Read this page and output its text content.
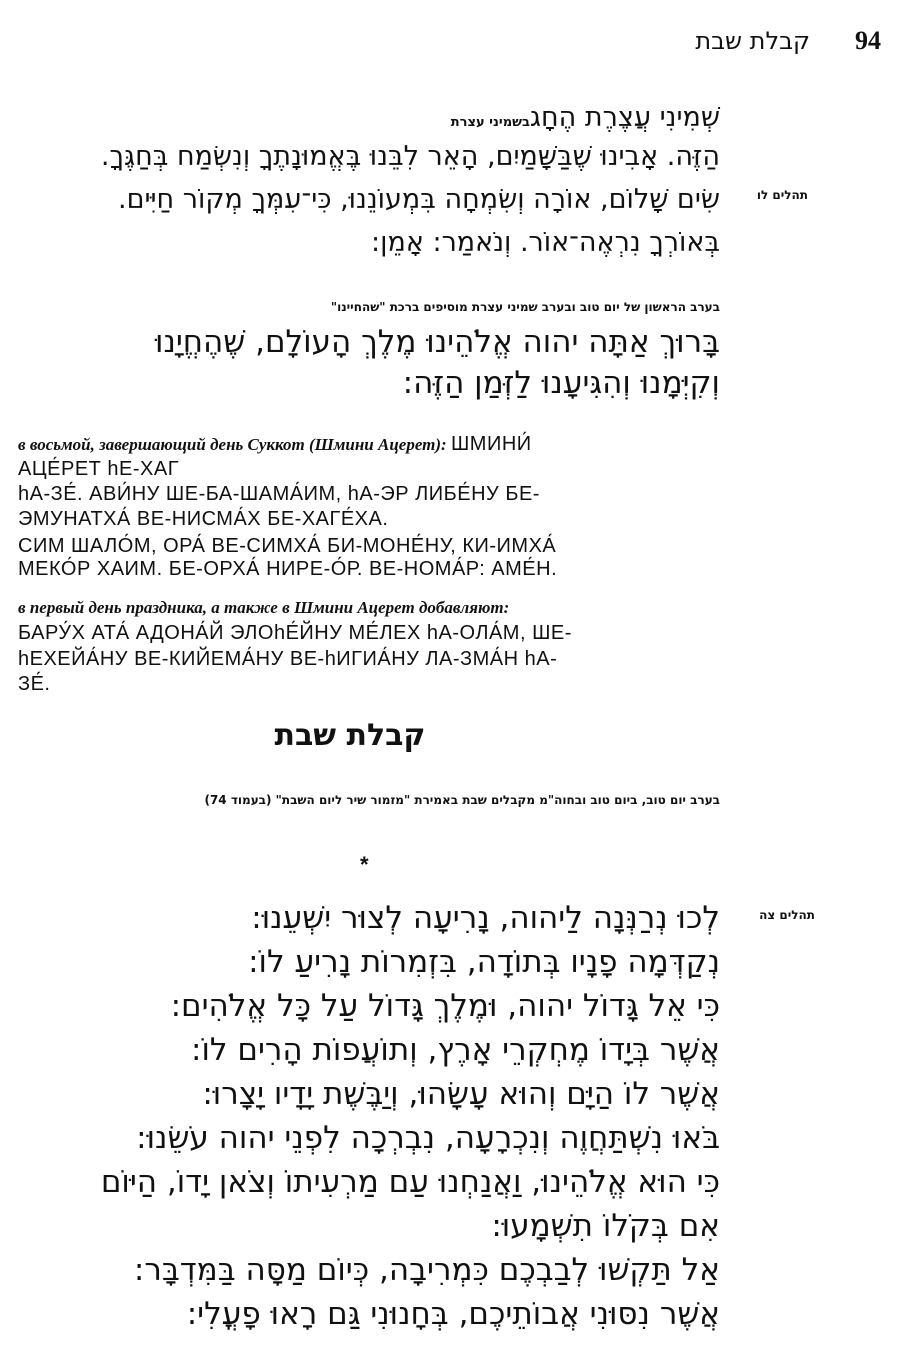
94
קבלת שבת
שְׁמִינִי עֲצֶרֶת הֶחָגבשמיני עצרת
הַזֶּה. אָבִינוּ שֶׁבַּשָּׁמַיִם, הָאֵר לִבֵּנוּ בֶּאֱמוּנָתֶךָ וְנִשְׂמַח בְּחַגֶּךָ.
תהלים לו
שִׂים שָׁלוֹם, אוֹרָה וְשִׂמְחָה בִּמְעוֹנֵנוּ, כִּי־עִמְּךָ מְקוֹר חַיִּים.
בְּאוֹרְךָ נִרְאֶה־אוֹר. וְנֹאמַר: אָמֵן:
בערב הראשון של יום טוב ובערב שמיני עצרת מוסיפים ברכת "שהחיינו"
בָּרוּךְ אַתָּה יהוה אֱלֹהֵינוּ מֶלֶךְ הָעוֹלָם, שֶׁהֶחֱיָנוּ
וְקִיְּמָנוּ וְהִגִּיעָנוּ לַזְּמַן הַזֶּה:
в восьмой, завершающий день Суккот (Шмини Ацерет): ШМИНИ́
АЦЕ́РЕТ hЕ-ХАГ
hА-ЗЕ́. АВИ́НУ ШЕ-БА-ШАМА́ИМ, hА-ЭР ЛИБЕ́НУ БЕ-
ЭМУНАТХА́ ВЕ-НИСМА́Х БЕ-ХАГЕ́ХА.
СИМ ШАЛО́М, ОРА́ ВЕ-СИМХА́ БИ-МОНЕ́НУ, КИ-ИМХА́
МЕКО́Р ХАИМ. БЕ-ОРХА́ НИРЕ-О́Р. ВЕ-НОМА́Р: АМЕ́Н.
в первый день праздника, а также в Шмини Ацерет добавляют:
БАРУ́Х АТА́ АДОНА́Й ЭЛОhЕ́ЙНУ МЕ́ЛЕХ hА-ОЛА́М, ШЕ-
hЕХЕЙА́НУ ВЕ-КИЙЕМА́НУ ВЕ-hИГИА́НУ ЛА-ЗМА́Н hА-
ЗЕ́.
קבלת שבת
בערב יום טוב, ביום טוב ובחוה"מ מקבלים שבת באמירת "מזמור שיר ליום השבת" (בעמוד 74)
*
תהלים צה
לְכוּ נְרַנְּנָה לַיהוה, נָרִיעָה לְצוּר יִשְׁעֵנוּ:
נְקַדְּמָה פָנָיו בְּתוֹדָה, בִּזְמִרוֹת נָרִיעַ לוֹ:
כִּי אֵל גָּדוֹל יהוה, וּמֶלֶךְ גָּדוֹל עַל כָּל אֱלֹהִים:
אֲשֶׁר בְּיָדוֹ מֶחְקְרֵי אָרֶץ, וְתוֹעֲפוֹת הָרִים לוֹ:
אֲשֶׁר לוֹ הַיָּם וְהוּא עָשָׂהוּ, וְיַבֶּשֶׁת יָדָיו יָצָרוּ:
בֹּאוּ נִשְׁתַּחֲוֶה וְנִכְרָעָה, נִבְרְכָה לִפְנֵי יהוה עֹשֵׂנוּ:
כִּי הוּא אֱלֹהֵינוּ, וַאֲנַחְנוּ עַם מַרְעִיתוֹ וְצֹאן יָדוֹ, הַיּוֹם
אִם בְּקֹלוֹ תִשְׁמָעוּ:
אַל תַּקְשׁוּ לְבַבְכֶם כִּמְרִיבָה, כְּיוֹם מַסָּה בַּמִּדְבָּר:
אֲשֶׁר נִסּוּנִי אֲבוֹתֵיכֶם, בְּחָנוּנִי גַּם רָאוּ פָעֳלִי:
